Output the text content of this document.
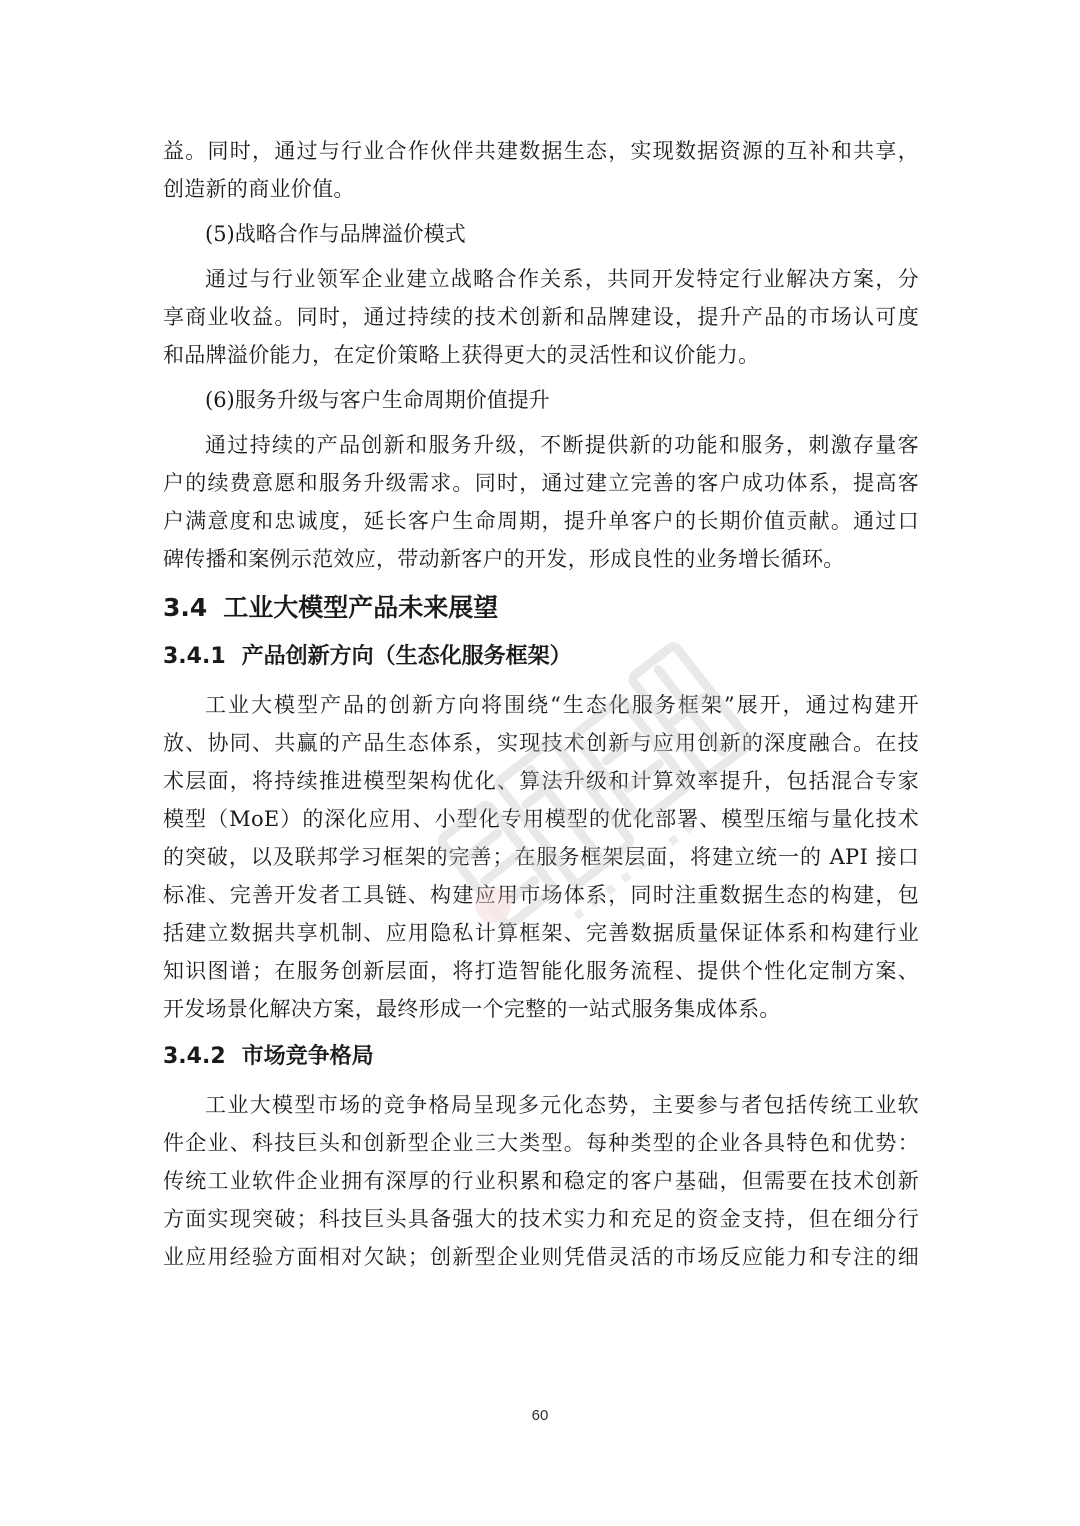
益。同时，通过与行业合作伙伴共建数据生态，实现数据资源的互补和共享，

创造新的商业价值。

(5)战略合作与品牌溢价模式

通过与行业领军企业建立战略合作关系，共同开发特定行业解决方案，分

享商业收益。同时，通过持续的技术创新和品牌建设，提升产品的市场认可度

和品牌溢价能力，在定价策略上获得更大的灵活性和议价能力。

(6)服务升级与客户生命周期价值提升

通过持续的产品创新和服务升级，不断提供新的功能和服务，刺激存量客

户的续费意愿和服务升级需求。同时，通过建立完善的客户成功体系，提高客

户满意度和忠诚度，延长客户生命周期，提升单客户的长期价值贡献。通过口

碑传播和案例示范效应，带动新客户的开发，形成良性的业务增长循环。

3.4 工业大模型产品未来展望
3.4.1 产品创新方向（生态化服务框架）

工业大模型产品的创新方向将围绕“生态化服务框架”展开，通过构建开

放、协同、共赢的产品生态体系，实现技术创新与应用创新的深度融合。在技

术层面，将持续推进模型架构优化、算法升级和计算效率提升，包括混合专家

模型（MoE）的深化应用、小型化专用模型的优化部署、模型压缩与量化技术

的突破，以及联邦学习框架的完善；在服务框架层面，将建立统一的 API 接口

标准、完善开发者工具链、构建应用市场体系，同时注重数据生态的构建，包

括建立数据共享机制、应用隐私计算框架、完善数据质量保证体系和构建行业

知识图谱；在服务创新层面，将打造智能化服务流程、提供个性化定制方案、

开发场景化解决方案，最终形成一个完整的一站式服务集成体系。

3.4.2 市场竞争格局

工业大模型市场的竞争格局呈现多元化态势，主要参与者包括传统工业软

件企业、科技巨头和创新型企业三大类型。每种类型的企业各具特色和优势：

传统工业软件企业拥有深厚的行业积累和稳定的客户基础，但需要在技术创新

方面实现突破；科技巨头具备强大的技术实力和充足的资金支持，但在细分行

业应用经验方面相对欠缺；创新型企业则凭借灵活的市场反应能力和专注的细

60
